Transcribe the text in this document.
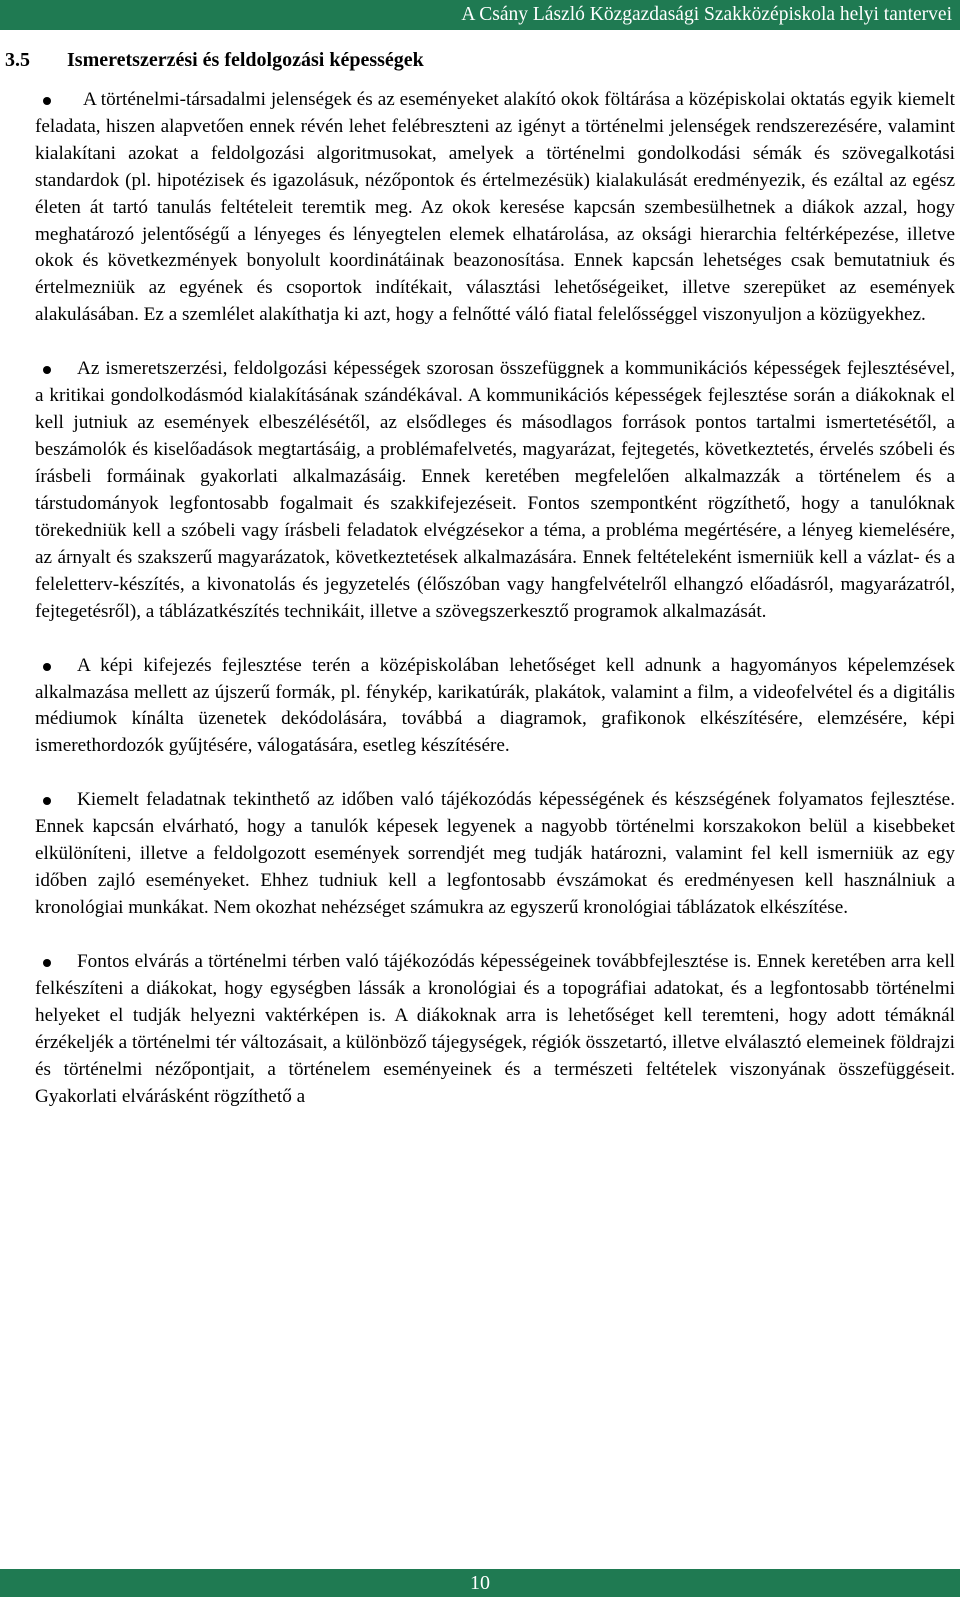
A Csány László Közgazdasági Szakközépiskola helyi tantervei
3.5 Ismeretszerzési és feldolgozási képességek
A történelmi-társadalmi jelenségek és az eseményeket alakító okok föltárása a középiskolai oktatás egyik kiemelt feladata, hiszen alapvetően ennek révén lehet felébreszteni az igényt a történelmi jelenségek rendszerezésére, valamint kialakítani azokat a feldolgozási algoritmusokat, amelyek a történelmi gondolkodási sémák és szövegalkotási standardok (pl. hipotézisek és igazolásuk, nézőpontok és értelmezésük) kialakulását eredményezik, és ezáltal az egész életen át tartó tanulás feltételeit teremtik meg. Az okok keresése kapcsán szembesülhetnek a diákok azzal, hogy meghatározó jelentőségű a lényeges és lényegtelen elemek elhatárolása, az oksági hierarchia feltérképezése, illetve okok és következmények bonyolult koordinátáinak beazonosítása. Ennek kapcsán lehetséges csak bemutatniuk és értelmezniük az egyének és csoportok indítékait, választási lehetőségeiket, illetve szerepüket az események alakulásában. Ez a szemlélet alakíthatja ki azt, hogy a felnőtté váló fiatal felelősséggel viszonyuljon a közügyekhez.
Az ismeretszerzési, feldolgozási képességek szorosan összefüggnek a kommunikációs képességek fejlesztésével, a kritikai gondolkodásmód kialakításának szándékával. A kommunikációs képességek fejlesztése során a diákoknak el kell jutniuk az események elbeszélésétől, az elsődleges és másodlagos források pontos tartalmi ismertetésétől, a beszámolók és kiselőadások megtartásáig, a problémafelvetés, magyarázat, fejtegetés, következtetés, érvelés szóbeli és írásbeli formáinak gyakorlati alkalmazásáig. Ennek keretében megfelelően alkalmazzák a történelem és a társtudományok legfontosabb fogalmait és szakkifejezéseit. Fontos szempontként rögzíthető, hogy a tanulóknak törekedniük kell a szóbeli vagy írásbeli feladatok elvégzésekor a téma, a probléma megértésére, a lényeg kiemelésére, az árnyalt és szakszerű magyarázatok, következtetések alkalmazására. Ennek feltételeként ismerniük kell a vázlat- és a feleletterv-készítés, a kivonatolás és jegyzetelés (élőszóban vagy hangfelvételről elhangzó előadásról, magyarázatról, fejtegetésről), a táblázatkészítés technikáit, illetve a szövegszerkesztő programok alkalmazását.
A képi kifejezés fejlesztése terén a középiskolában lehetőséget kell adnunk a hagyományos képelemzések alkalmazása mellett az újszerű formák, pl. fénykép, karikatúrák, plakátok, valamint a film, a videofelvétel és a digitális médiumok kínálta üzenetek dekódolására, továbbá a diagramok, grafikonok elkészítésére, elemzésére, képi ismerethordozók gyűjtésére, válogatására, esetleg készítésére.
Kiemelt feladatnak tekinthető az időben való tájékozódás képességének és készségének folyamatos fejlesztése. Ennek kapcsán elvárható, hogy a tanulók képesek legyenek a nagyobb történelmi korszakokon belül a kisebbeket elkülöníteni, illetve a feldolgozott események sorrendjét meg tudják határozni, valamint fel kell ismerniük az egy időben zajló eseményeket. Ehhez tudniuk kell a legfontosabb évszámokat és eredményesen kell használniuk a kronológiai munkákat. Nem okozhat nehézséget számukra az egyszerű kronológiai táblázatok elkészítése.
Fontos elvárás a történelmi térben való tájékozódás képességeinek továbbfejlesztése is. Ennek keretében arra kell felkészíteni a diákokat, hogy egységben lássák a kronológiai és a topográfiai adatokat, és a legfontosabb történelmi helyeket el tudják helyezni vaktérképen is. A diákoknak arra is lehetőséget kell teremteni, hogy adott témáknál érzékeljék a történelmi tér változásait, a különböző tájegységek, régiók összetartó, illetve elválasztó elemeinek földrajzi és történelmi nézőpontjait, a történelem eseményeinek és a természeti feltételek viszonyának összefüggéseit. Gyakorlati elvárásként rögzíthető a
10
